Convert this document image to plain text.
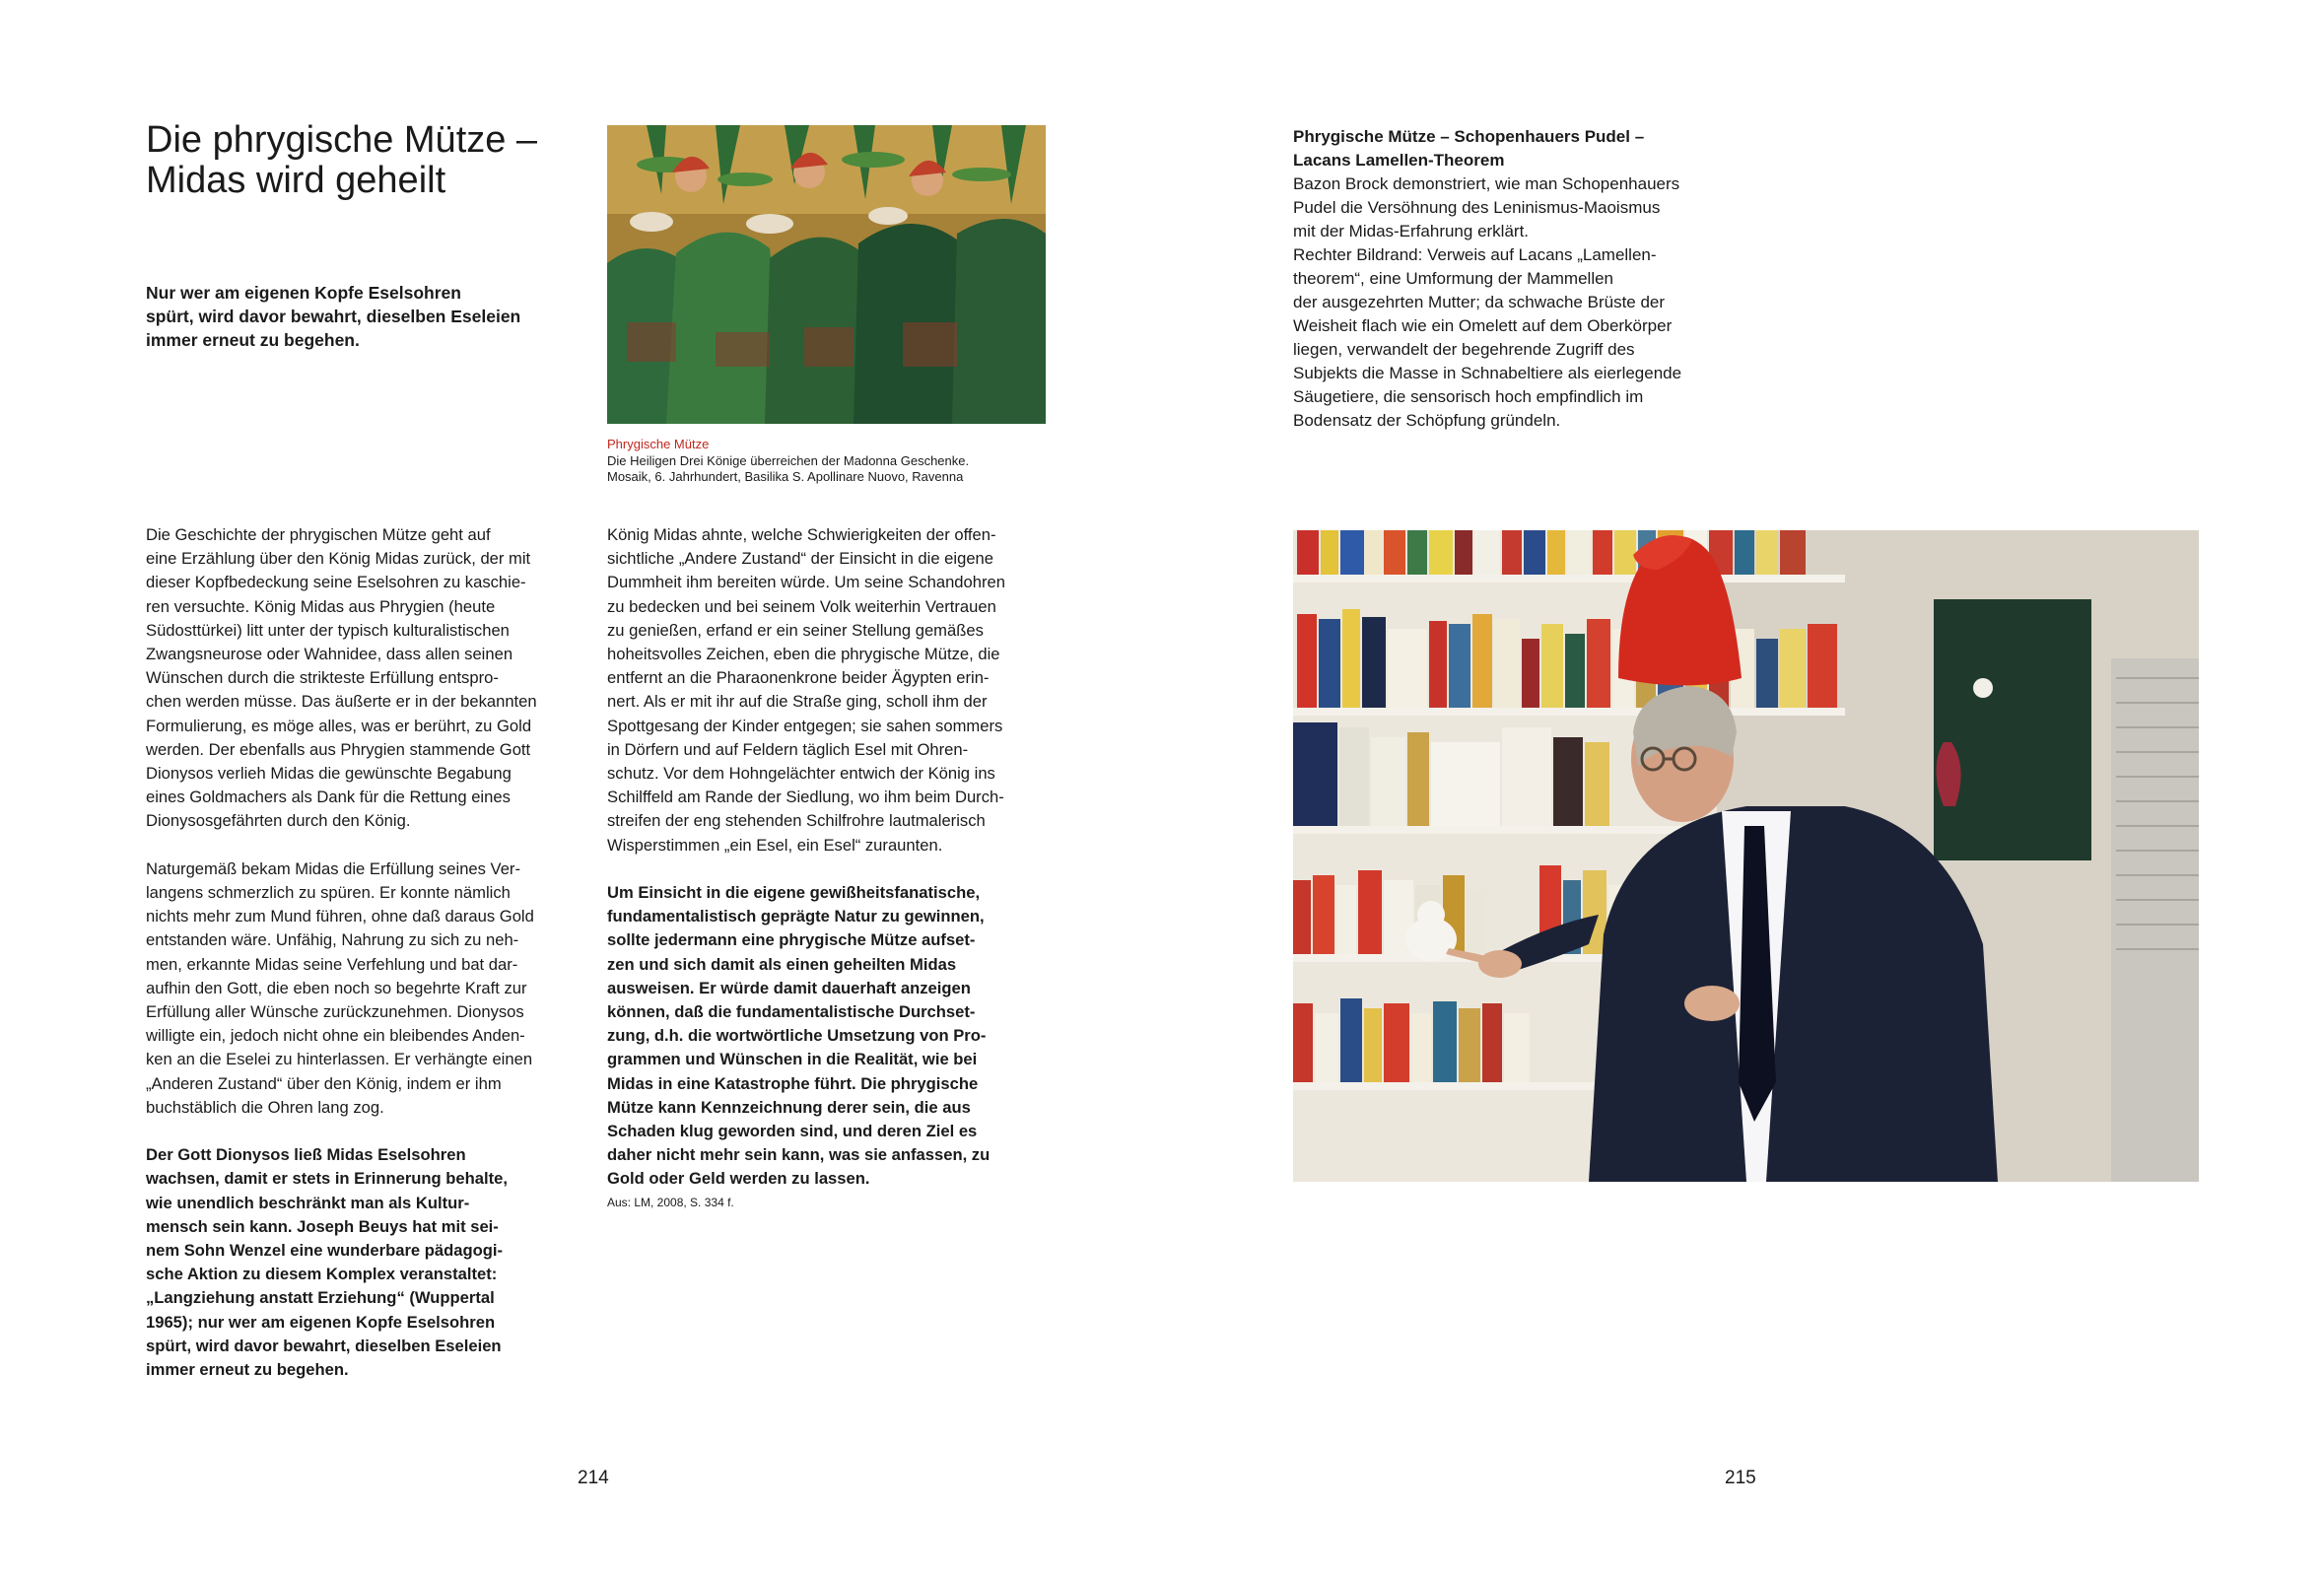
Die phrygische Mütze –
Midas wird geheilt

Nur wer am eigenen Kopfe Eselsohren
spürt, wird davor bewahrt, dieselben Eseleien
immer erneut zu begehen.

Phrygische Mütze

Die Heiligen Drei Könige überreichen der Madonna Geschenke.

Mosaik, 6. Jahrhundert, Basilika S. Apollinare Nuovo, Ravenna

Die Geschichte der phrygischen Mütze geht auf
eine Erzählung über den König Midas zurück, der mit
dieser Kopfbedeckung seine Eselsohren zu kaschie-
ren versuchte. König Midas aus Phrygien (heute
Südosttürkei) litt unter der typisch kulturalistischen
Zwangsneurose oder Wahnidee, dass allen seinen
Wünschen durch die strikteste Erfüllung entspro-
chen werden müsse. Das äußerte er in der bekannten
Formulierung, es möge alles, was er berührt, zu Gold
werden. Der ebenfalls aus Phrygien stammende Gott
Dionysos verlieh Midas die gewünschte Begabung
eines Goldmachers als Dank für die Rettung eines
Dionysosgefährten durch den König.

Naturgemäß bekam Midas die Erfüllung seines Ver-
langens schmerzlich zu spüren. Er konnte nämlich
nichts mehr zum Mund führen, ohne daß daraus Gold
entstanden wäre. Unfähig, Nahrung zu sich zu neh-
men, erkannte Midas seine Verfehlung und bat dar-
aufhin den Gott, die eben noch so begehrte Kraft zur
Erfüllung aller Wünsche zurückzunehmen. Dionysos
willigte ein, jedoch nicht ohne ein bleibendes Anden-
ken an die Eselei zu hinterlassen. Er verhängte einen
„Anderen Zustand“ über den König, indem er ihm
buchstäblich die Ohren lang zog.

Der Gott Dionysos ließ Midas Eselsohren
wachsen, damit er stets in Erinnerung behalte,
wie unendlich beschränkt man als Kultur-
mensch sein kann. Joseph Beuys hat mit sei-
nem Sohn Wenzel eine wunderbare pädagogi-
sche Aktion zu diesem Komplex veranstaltet:
„Langziehung anstatt Erziehung“ (Wuppertal
1965); nur wer am eigenen Kopfe Eselsohren
spürt, wird davor bewahrt, dieselben Eseleien
immer erneut zu begehen.

König Midas ahnte, welche Schwierigkeiten der offen-
sichtliche „Andere Zustand“ der Einsicht in die eigene
Dummheit ihm bereiten würde. Um seine Schandohren
zu bedecken und bei seinem Volk weiterhin Vertrauen
zu genießen, erfand er ein seiner Stellung gemäßes
hoheitsvolles Zeichen, eben die phrygische Mütze, die
entfernt an die Pharaonenkrone beider Ägypten erin-
nert. Als er mit ihr auf die Straße ging, scholl ihm der
Spottgesang der Kinder entgegen; sie sahen sommers
in Dörfern und auf Feldern täglich Esel mit Ohren-
schutz. Vor dem Hohngelächter entwich der König ins
Schilffeld am Rande der Siedlung, wo ihm beim Durch-
streifen der eng stehenden Schilfrohre lautmalerisch
Wisperstimmen „ein Esel, ein Esel“ zuraunten.

Um Einsicht in die eigene gewißheitsfanatische,
fundamentalistisch geprägte Natur zu gewinnen,
sollte jedermann eine phrygische Mütze aufset-
zen und sich damit als einen geheilten Midas
ausweisen. Er würde damit dauerhaft anzeigen
können, daß die fundamentalistische Durchset-
zung, d.h. die wortwörtliche Umsetzung von Pro-
grammen und Wünschen in die Realität, wie bei
Midas in eine Katastrophe führt. Die phrygische
Mütze kann Kennzeichnung derer sein, die aus
Schaden klug geworden sind, und deren Ziel es
daher nicht mehr sein kann, was sie anfassen, zu
Gold oder Geld werden zu lassen.

Aus: LM, 2008, S. 334 f.
214

Phrygische Mütze – Schopenhauers Pudel –
Lacans Lamellen-Theorem

Bazon Brock demonstriert, wie man Schopenhauers
Pudel die Versöhnung des Leninismus-Maoismus
mit der Midas-Erfahrung erklärt.
Rechter Bildrand: Verweis auf Lacans „Lamellen-
theorem“, eine Umformung der Mammellen
der ausgezehrten Mutter; da schwache Brüste der
Weisheit flach wie ein Omelett auf dem Oberkörper
liegen, verwandelt der begehrende Zugriff des
Subjekts die Masse in Schnabeltiere als eierlegende
Säugetiere, die sensorisch hoch empfindlich im
Bodensatz der Schöpfung gründeln.

215
